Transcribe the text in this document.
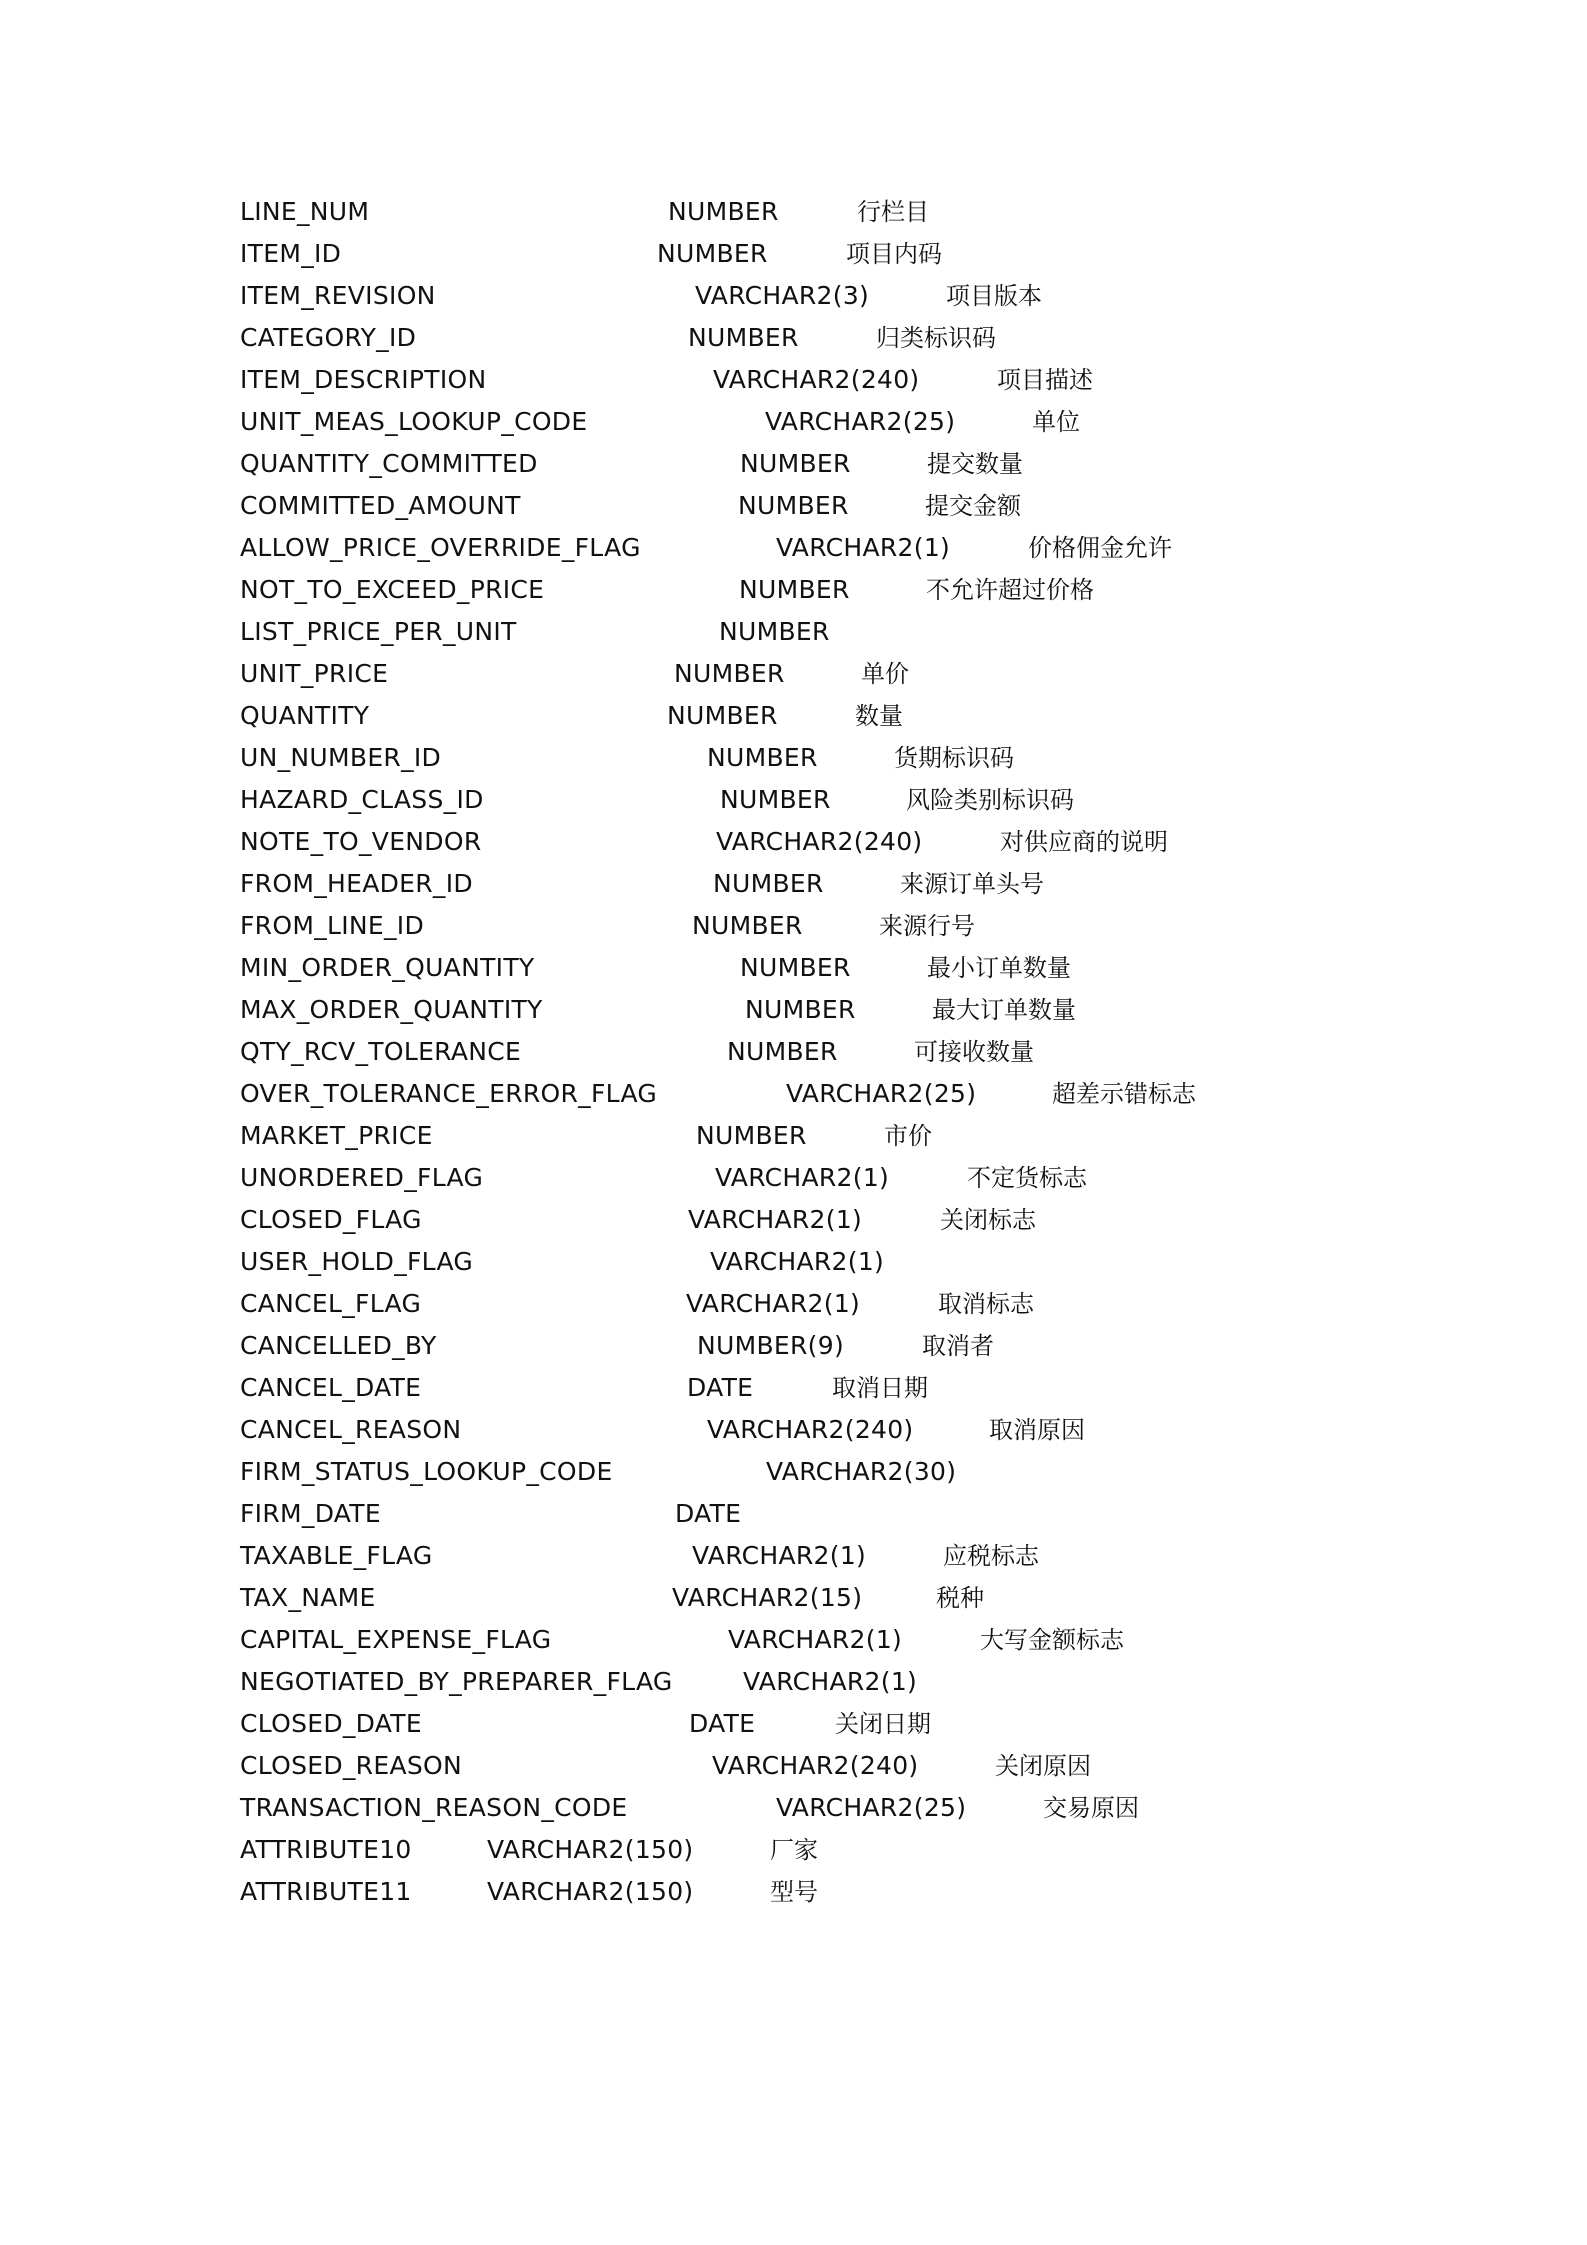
LINE_NUM	NUMBER	行栏目
ITEM_ID	NUMBER	项目内码
ITEM_REVISION	VARCHAR2(3)	项目版本
CATEGORY_ID	NUMBER	归类标识码
ITEM_DESCRIPTION	VARCHAR2(240)	项目描述
UNIT_MEAS_LOOKUP_CODE	VARCHAR2(25)	单位
QUANTITY_COMMITTED	NUMBER	提交数量
COMMITTED_AMOUNT	NUMBER	提交金额
ALLOW_PRICE_OVERRIDE_FLAG	VARCHAR2(1)	价格佣金允许
NOT_TO_EXCEED_PRICE	NUMBER	不允许超过价格
LIST_PRICE_PER_UNIT	NUMBER
UNIT_PRICE	NUMBER	单价
QUANTITY	NUMBER	数量
UN_NUMBER_ID	NUMBER	货期标识码
HAZARD_CLASS_ID	NUMBER	风险类别标识码
NOTE_TO_VENDOR	VARCHAR2(240)	对供应商的说明
FROM_HEADER_ID	NUMBER	来源订单头号
FROM_LINE_ID	NUMBER	来源行号
MIN_ORDER_QUANTITY	NUMBER	最小订单数量
MAX_ORDER_QUANTITY	NUMBER	最大订单数量
QTY_RCV_TOLERANCE	NUMBER	可接收数量
OVER_TOLERANCE_ERROR_FLAG	VARCHAR2(25)	超差示错标志
MARKET_PRICE	NUMBER	市价
UNORDERED_FLAG	VARCHAR2(1)	不定货标志
CLOSED_FLAG	VARCHAR2(1)	关闭标志
USER_HOLD_FLAG	VARCHAR2(1)
CANCEL_FLAG	VARCHAR2(1)	取消标志
CANCELLED_BY	NUMBER(9)	取消者
CANCEL_DATE	DATE	取消日期
CANCEL_REASON	VARCHAR2(240)	取消原因
FIRM_STATUS_LOOKUP_CODE	VARCHAR2(30)
FIRM_DATE	DATE
TAXABLE_FLAG	VARCHAR2(1)	应税标志
TAX_NAME	VARCHAR2(15)	税种
CAPITAL_EXPENSE_FLAG	VARCHAR2(1)	大写金额标志
NEGOTIATED_BY_PREPARER_FLAG	VARCHAR2(1)
CLOSED_DATE	DATE	关闭日期
CLOSED_REASON	VARCHAR2(240)	关闭原因
TRANSACTION_REASON_CODE	VARCHAR2(25)	交易原因
ATTRIBUTE10	VARCHAR2(150)	厂家
ATTRIBUTE11	VARCHAR2(150)	型号
